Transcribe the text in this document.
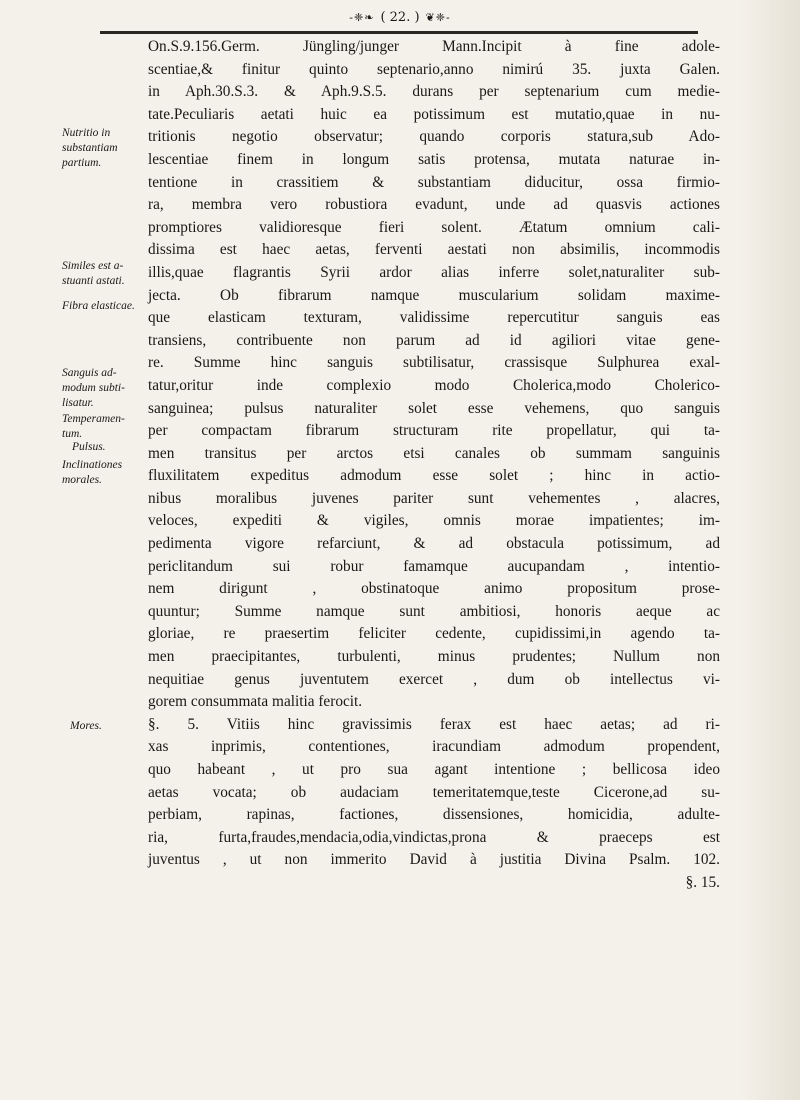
-❈❧ ( 22. ) ❦❈-
Nutritio in
substantiam
partium.
Similes est a-
stuanti astati.
Fibra elasticae.
Sanguis ad-
modum subti-
lisatur.
Temperamen-
tum.
Pulsus.
Inclinationes
morales.
Mores.
On.S.9.156.Germ. Jüngling/junger Mann.Incipit à fine adole-
scentiae,& finitur quinto septenario,anno nimirú 35. juxta Galen.
in Aph.30.S.3. & Aph.9.S.5. durans per septenarium cum medie-
tate.Peculiaris aetati huic ea potissimum est mutatio,quae in nu-
tritionis negotio observatur; quando corporis statura,sub Ado-
lescentiae finem in longum satis protensa, mutata naturae in-
tentione in crassitiem & substantiam diducitur, ossa firmio-
ra, membra vero robustiora evadunt, unde ad quasvis actiones
promptiores validioresque fieri solent. Ætatum omnium cali-
dissima est haec aetas, ferventi aestati non absimilis, incommodis
illis,quae flagrantis Syrii ardor alias inferre solet,naturaliter sub-
jecta. Ob fibrarum namque muscularium solidam maxime-
que elasticam texturam, validissime repercutitur sanguis eas
transiens, contribuente non parum ad id agiliori vitae gene-
re. Summe hinc sanguis subtilisatur, crassisque Sulphurea exal-
tatur,oritur inde complexio modo Cholerica,modo Cholerico-
sanguinea; pulsus naturaliter solet esse vehemens, quo sanguis
per compactam fibrarum structuram rite propellatur, qui ta-
men transitus per arctos etsi canales ob summam sanguinis
fluxilitatem expeditus admodum esse solet ; hinc in actio-
nibus moralibus juvenes pariter sunt vehementes , alacres,
veloces, expediti & vigiles, omnis morae impatientes; im-
pedimenta vigore refarciunt, & ad obstacula potissimum, ad
periclitandum sui robur famamque aucupandam , intentio-
nem dirigunt , obstinatoque animo propositum prose-
quuntur; Summe namque sunt ambitiosi, honoris aeque ac
gloriae, re praesertim feliciter cedente, cupidissimi,in agendo ta-
men praecipitantes, turbulenti, minus prudentes; Nullum non
nequitiae genus juventutem exercet , dum ob intellectus vi-
gorem consummata malitia ferocit.
§. 5. Vitiis hinc gravissimis ferax est haec aetas; ad ri-
xas inprimis, contentiones, iracundiam admodum propendent,
quo habeant , ut pro sua agant intentione ; bellicosa ideo
aetas vocata; ob audaciam temeritatemque,teste Cicerone,ad su-
perbiam, rapinas, factiones, dissensiones, homicidia, adulte-
ria, furta,fraudes,mendacia,odia,vindictas,prona & praeceps est
juventus , ut non immerito David à justitia Divina Psalm. 102.
§. 15.
